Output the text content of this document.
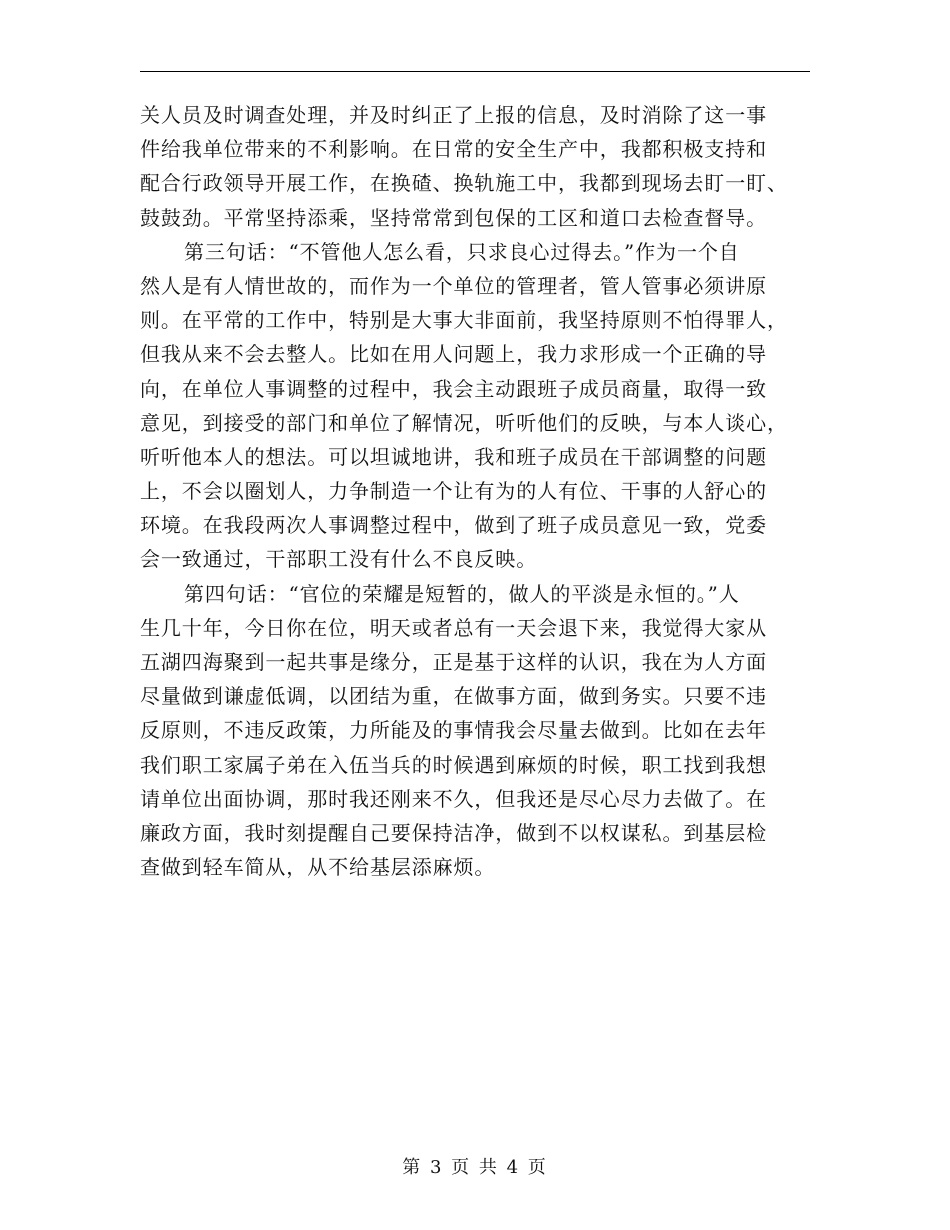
关人员及时调查处理，并及时纠正了上报的信息，及时消除了这一事
件给我单位带来的不利影响。在日常的安全生产中，我都积极支持和
配合行政领导开展工作，在换碴、换轨施工中，我都到现场去盯一盯、
鼓鼓劲。平常坚持添乘，坚持常常到包保的工区和道口去检查督导。
第三句话：“不管他人怎么看，只求良心过得去。”作为一个自
然人是有人情世故的，而作为一个单位的管理者，管人管事必须讲原
则。在平常的工作中，特别是大事大非面前，我坚持原则不怕得罪人，
但我从来不会去整人。比如在用人问题上，我力求形成一个正确的导
向，在单位人事调整的过程中，我会主动跟班子成员商量，取得一致
意见，到接受的部门和单位了解情况，听听他们的反映，与本人谈心，
听听他本人的想法。可以坦诚地讲，我和班子成员在干部调整的问题
上，不会以圈划人，力争制造一个让有为的人有位、干事的人舒心的
环境。在我段两次人事调整过程中，做到了班子成员意见一致，党委
会一致通过，干部职工没有什么不良反映。
第四句话：“官位的荣耀是短暂的，做人的平淡是永恒的。”人
生几十年，今日你在位，明天或者总有一天会退下来，我觉得大家从
五湖四海聚到一起共事是缘分，正是基于这样的认识，我在为人方面
尽量做到谦虚低调，以团结为重，在做事方面，做到务实。只要不违
反原则，不违反政策，力所能及的事情我会尽量去做到。比如在去年
我们职工家属子弟在入伍当兵的时候遇到麻烦的时候，职工找到我想
请单位出面协调，那时我还刚来不久，但我还是尽心尽力去做了。在
廉政方面，我时刻提醒自己要保持洁净，做到不以权谋私。到基层检
查做到轻车简从，从不给基层添麻烦。
第 3 页 共 4 页
